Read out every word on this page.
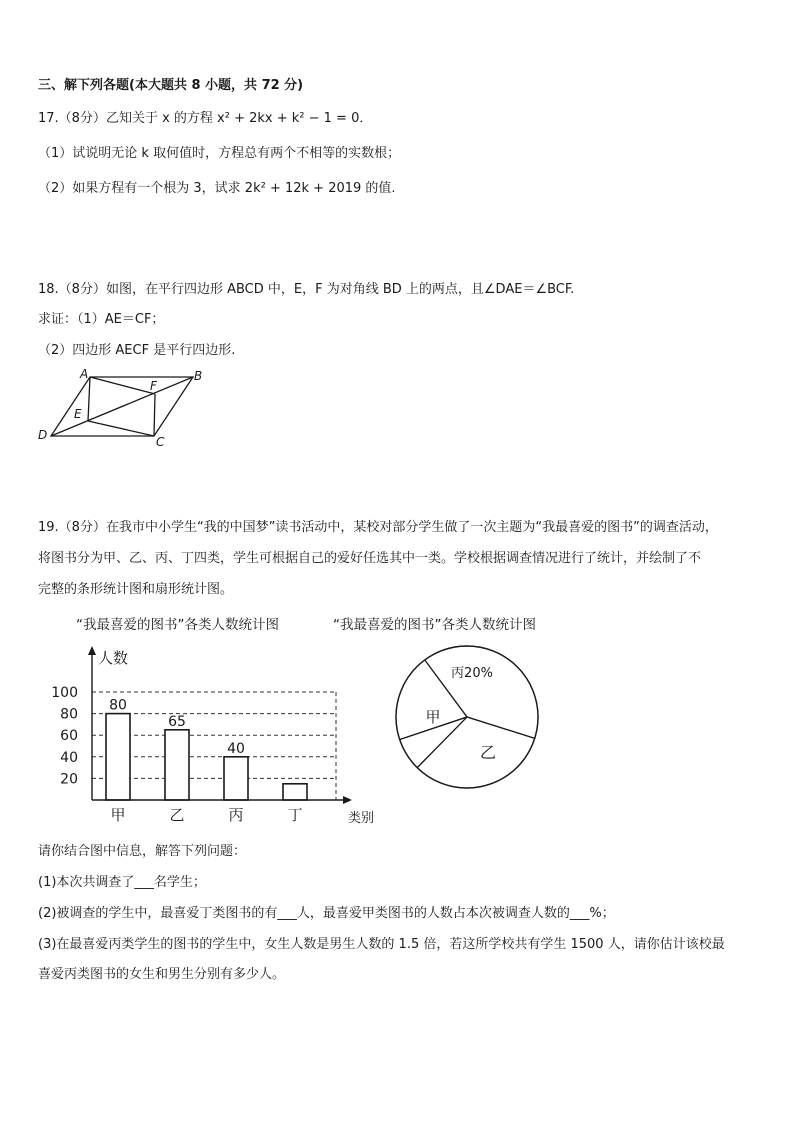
三、解下列各题(本大题共 8 小题，共 72 分)
17.（8分）乙知关于 x 的方程 x² + 2kx + k² − 1 = 0．
（1）试说明无论 k 取何值时，方程总有两个不相等的实数根；
（2）如果方程有一个根为 3，试求 2k² + 12k + 2019 的值.
18.（8分）如图，在平行四边形 ABCD 中，E，F 为对角线 BD 上的两点，且∠DAE＝∠BCF.
求证：（1）AE＝CF；
（2）四边形 AECF 是平行四边形.
A	B
C
D
E
F
19.（8分）在我市中小学生“我的中国梦”读书活动中，某校对部分学生做了一次主题为“我最喜爱的图书”的调查活动，
将图书分为甲、乙、丙、丁四类，学生可根据自己的爱好任选其中一类。学校根据调查情况进行了统计，并绘制了不
完整的条形统计图和扇形统计图。
“我最喜爱的图书”各类人数统计图	“我最喜爱的图书”各类人数统计图
20
40
60
80
100
80
65
40
甲	乙	丙	丁
人数
类别
甲
乙
丙20%
请你结合图中信息，解答下列问题：
(1)本次共调查了___名学生；
(2)被调查的学生中，最喜爱丁类图书的有___人，最喜爱甲类图书的人数占本次被调查人数的___%；
(3)在最喜爱丙类学生的图书的学生中，女生人数是男生人数的 1.5 倍，若这所学校共有学生 1500 人，请你估计该校最
喜爱丙类图书的女生和男生分别有多少人。
